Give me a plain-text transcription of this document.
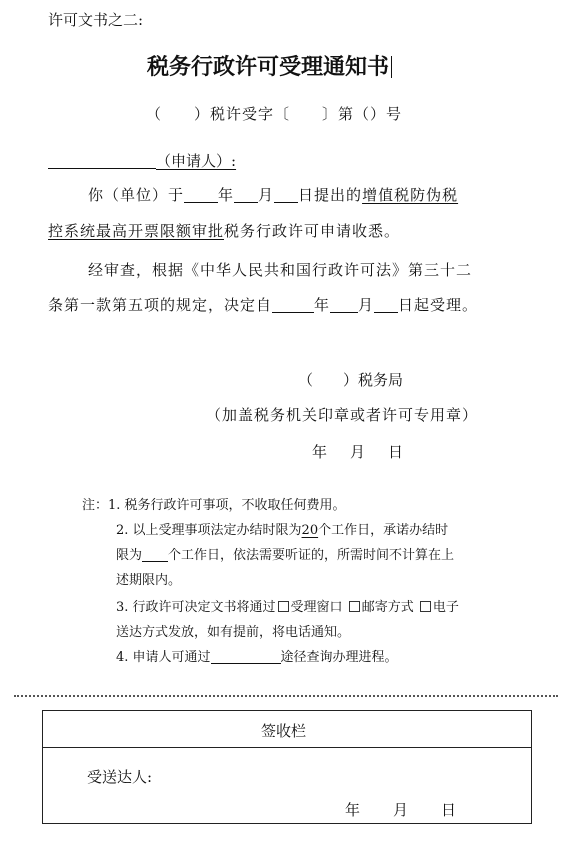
许可文书之二:
税务行政许可受理通知书
（　　）税许受字〔　　〕第（）号
（申请人）:
你（单位）于 年 月 日提出的增值税防伪税
控系统最高开票限额审批税务行政许可申请收悉。
经审查，根据《中华人民共和国行政许可法》第三十二
条第一款第五项的规定，决定自	年 月 日起受理。
（　　）税务局
（加盖税务机关印章或者许可专用章）
年　月　日
注：1. 税务行政许可事项，不收取任何费用。
2. 以上受理事项法定办结时限为20个工作日，承诺办结时
限为 个工作日，依法需要听证的，所需时间不计算在上
述期限内。
3. 行政许可决定文书将通过 受理窗口 邮寄方式 电子
送达方式发放，如有提前，将电话通知。
4. 申请人可通过	途径查询办理进程。
签收栏
受送达人:
年　　月　　日
